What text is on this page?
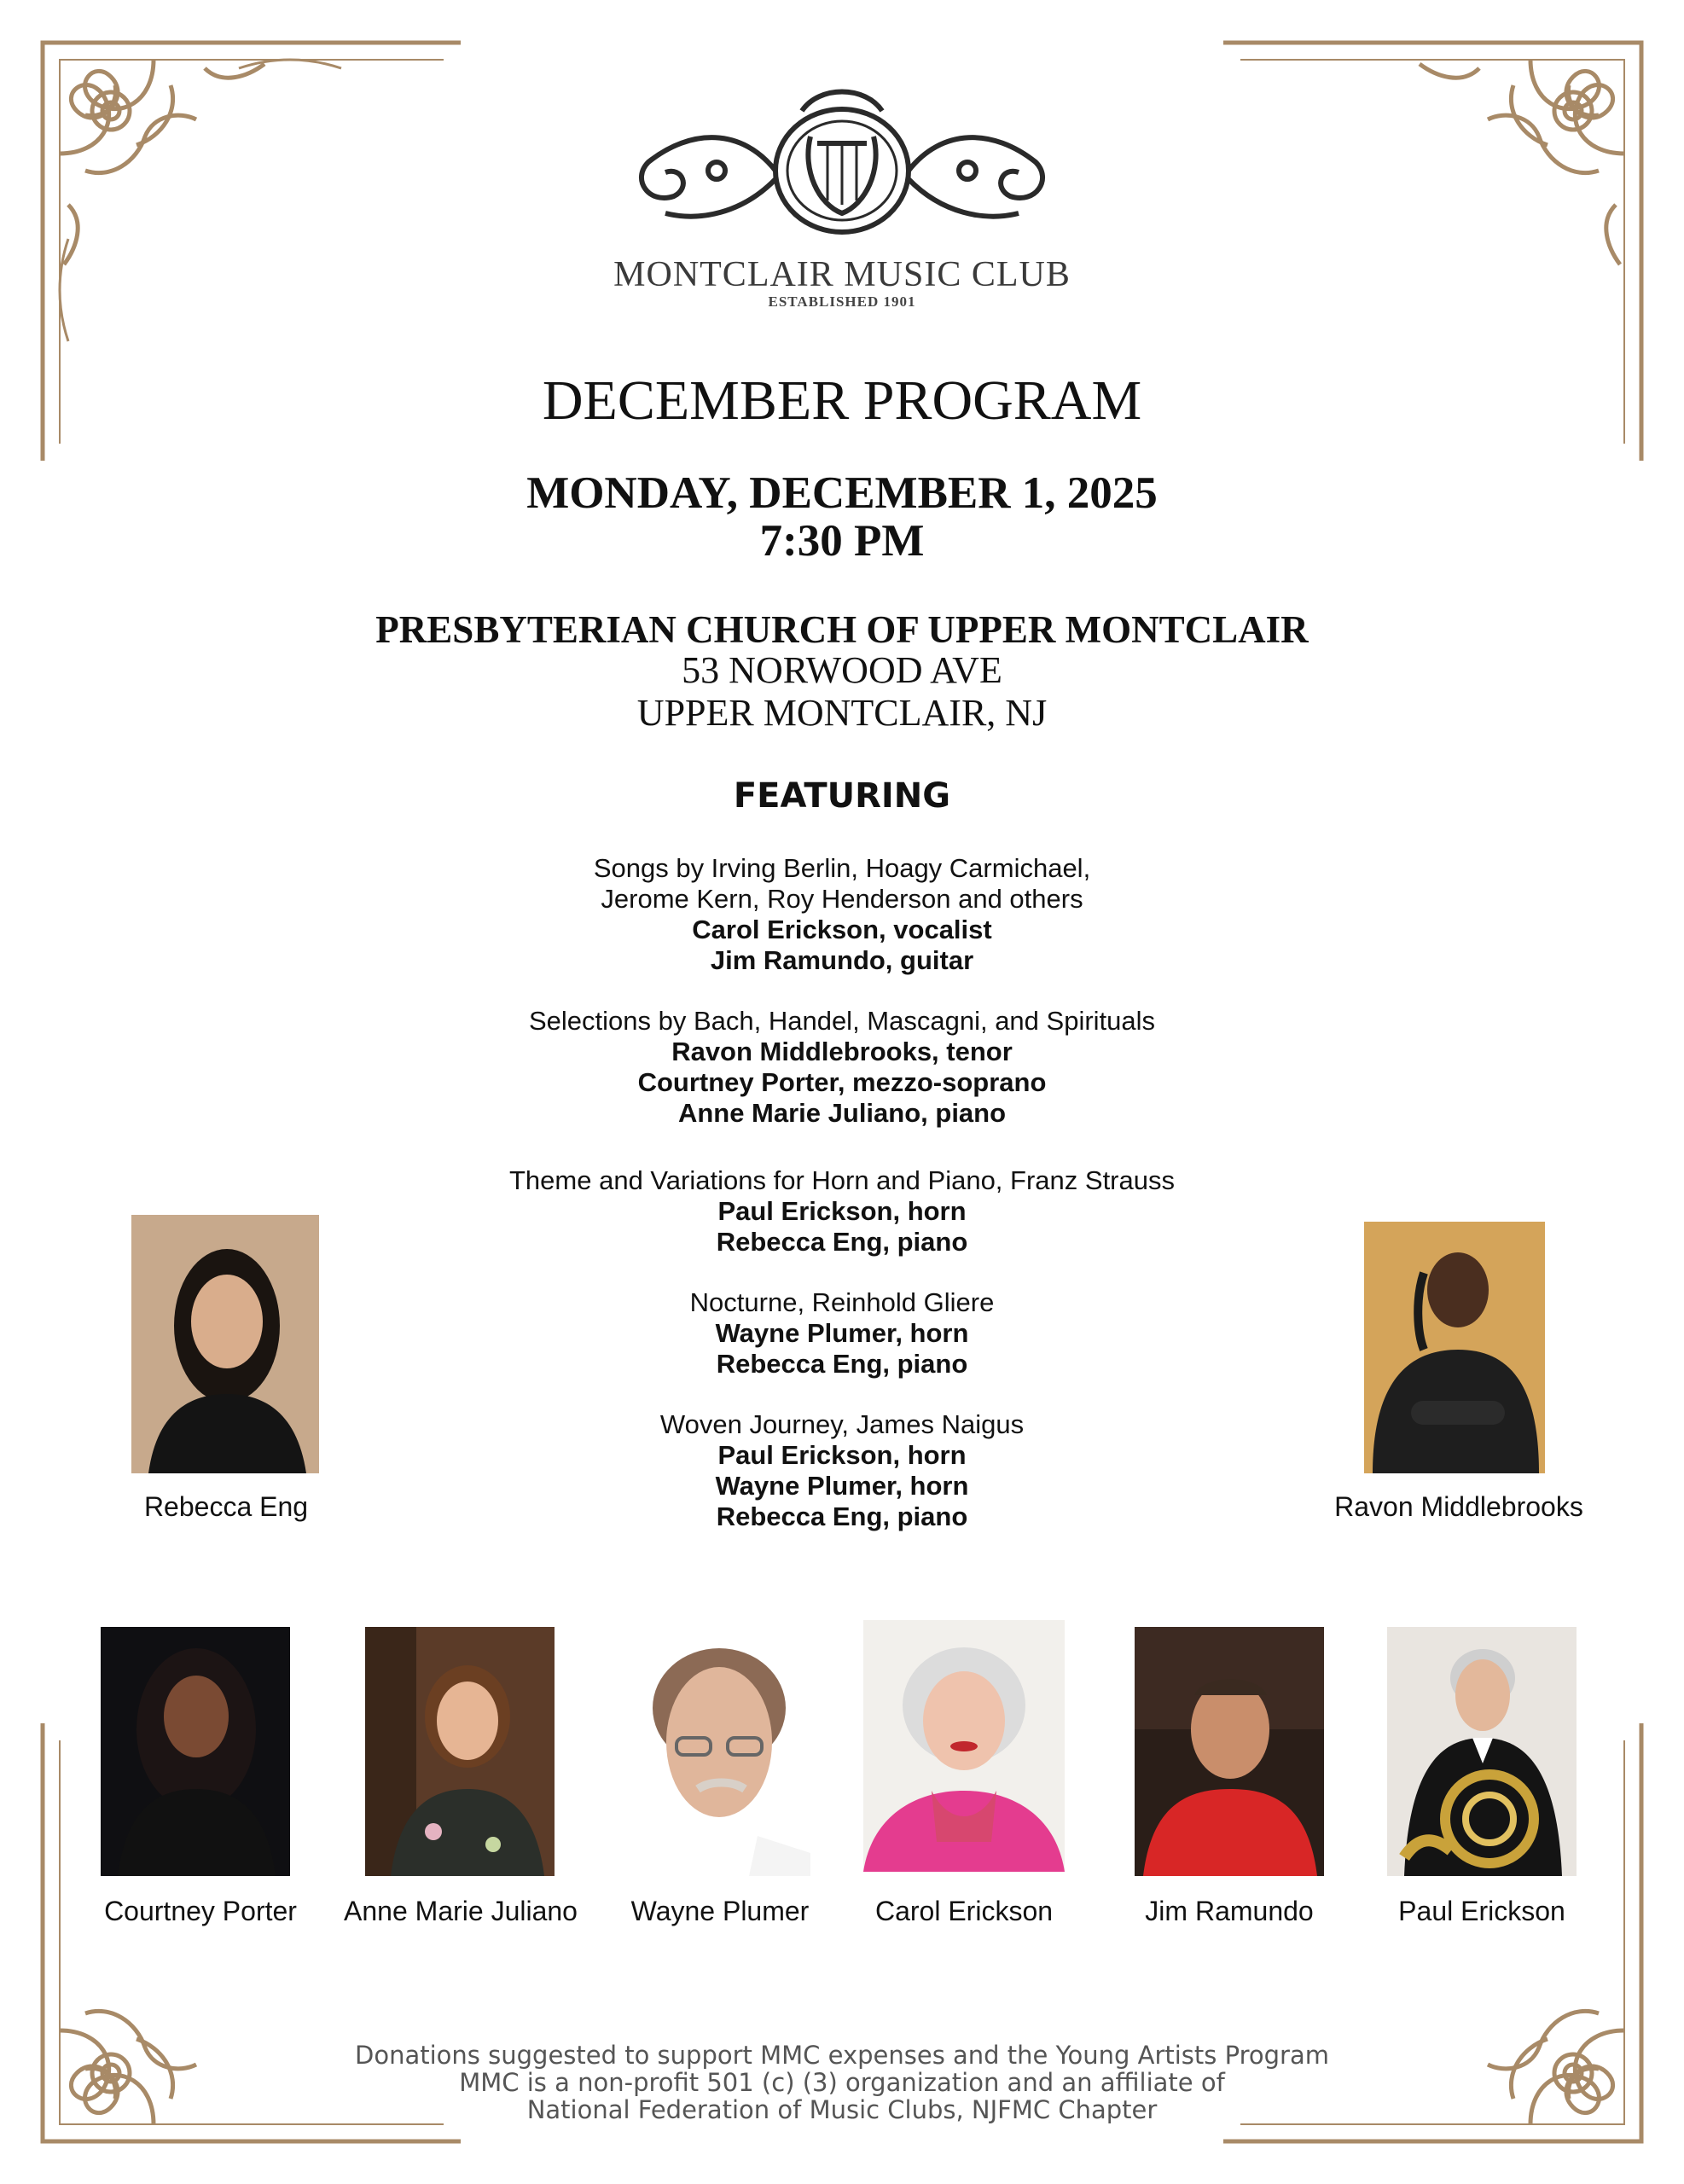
MONTCLAIR MUSIC CLUB
ESTABLISHED 1901
DECEMBER PROGRAM
MONDAY, DECEMBER 1, 2025
7:30 PM
PRESBYTERIAN CHURCH OF UPPER MONTCLAIR
53 NORWOOD AVE
UPPER MONTCLAIR, NJ
FEATURING
Songs by Irving Berlin, Hoagy Carmichael,
Jerome Kern, Roy Henderson and others
Carol Erickson, vocalist
Jim Ramundo, guitar
Selections by Bach, Handel, Mascagni, and Spirituals
Ravon Middlebrooks, tenor
Courtney Porter, mezzo-soprano
Anne Marie Juliano, piano
Theme and Variations for Horn and Piano, Franz Strauss
Paul Erickson, horn
Rebecca Eng, piano
Nocturne, Reinhold Gliere
Wayne Plumer, horn
Rebecca Eng, piano
Woven Journey, James Naigus
Paul Erickson, horn
Wayne Plumer, horn
Rebecca Eng, piano
Rebecca Eng	Ravon Middlebrooks
Courtney Porter	Anne Marie Juliano	Wayne Plumer	Carol Erickson	Jim Ramundo	Paul Erickson
Donations suggested to support MMC expenses and the Young Artists Program
MMC is a non-profit 501 (c) (3) organization and an affiliate of
National Federation of Music Clubs, NJFMC Chapter
